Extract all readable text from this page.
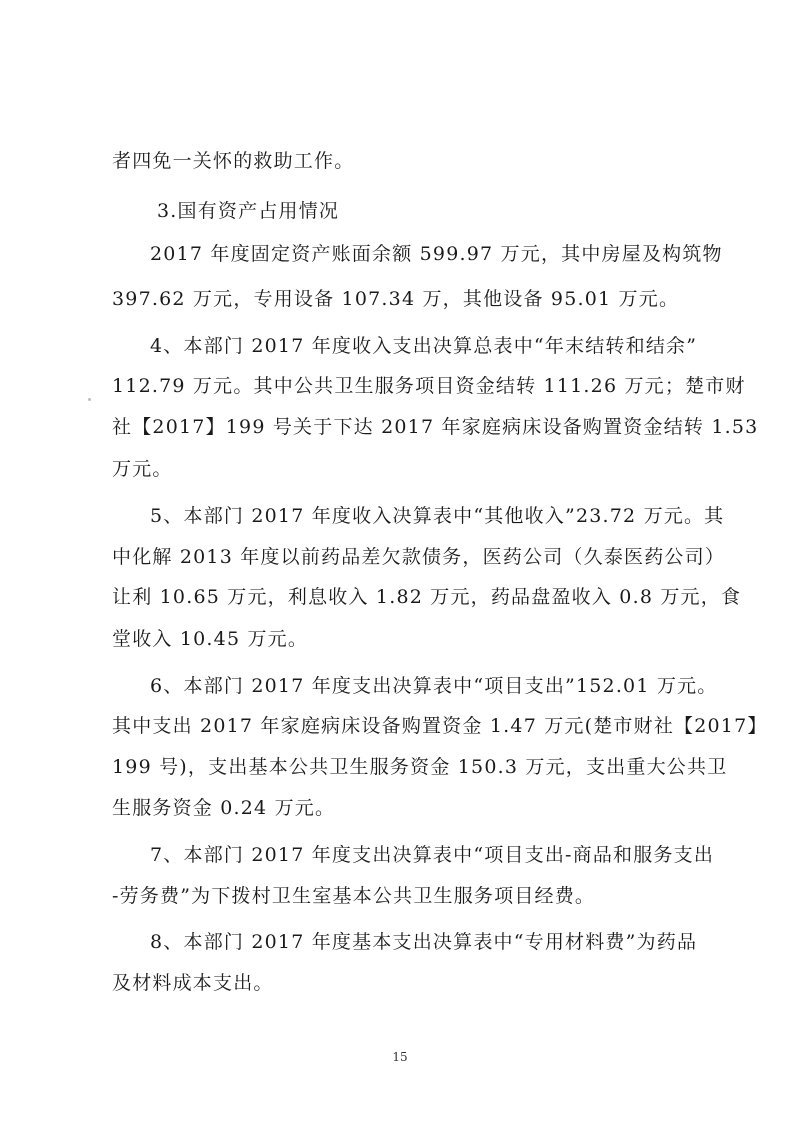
者四免一关怀的救助工作。
3.国有资产占用情况
2017 年度固定资产账面余额 599.97 万元，其中房屋及构筑物
397.62 万元，专用设备 107.34 万，其他设备 95.01 万元。
4、本部门 2017 年度收入支出决算总表中“年末结转和结余”
112.79 万元。其中公共卫生服务项目资金结转 111.26 万元；楚市财
社【2017】199 号关于下达 2017 年家庭病床设备购置资金结转 1.53
万元。
5、本部门 2017 年度收入决算表中“其他收入”23.72 万元。其
中化解 2013 年度以前药品差欠款债务，医药公司（久泰医药公司）
让利 10.65 万元，利息收入 1.82 万元，药品盘盈收入 0.8 万元，食
堂收入 10.45 万元。
6、本部门 2017 年度支出决算表中“项目支出”152.01 万元。
其中支出 2017 年家庭病床设备购置资金 1.47 万元(楚市财社【2017】
199 号)，支出基本公共卫生服务资金 150.3 万元，支出重大公共卫
生服务资金 0.24 万元。
7、本部门 2017 年度支出决算表中“项目支出-商品和服务支出
-劳务费”为下拨村卫生室基本公共卫生服务项目经费。
8、本部门 2017 年度基本支出决算表中“专用材料费”为药品
及材料成本支出。
15
